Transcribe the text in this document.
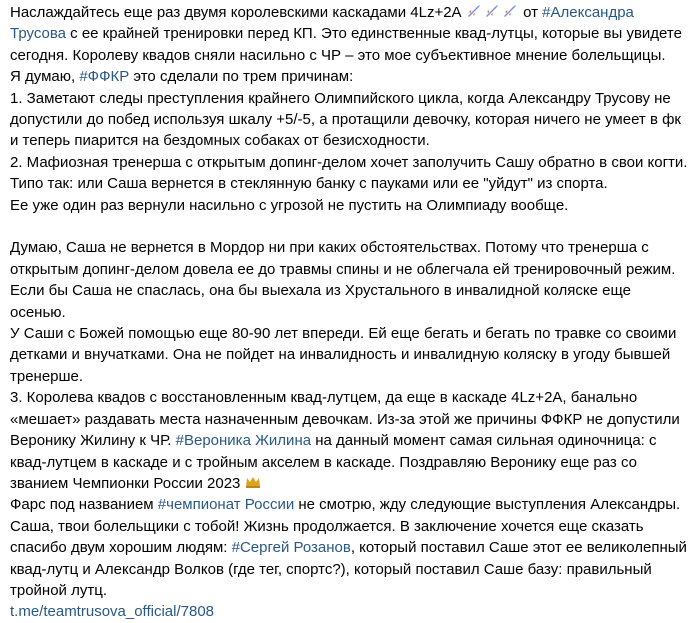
Наслаждайтесь еще раз двумя королевскими каскадами 4Lz+2A	от #Александра Трусова с ее крайней тренировки перед КП. Это единственные квад-лутцы, которые вы увидете сегодня. Королеву квадов сняли насильно с ЧР – это мое субъективное мнение болельщицы.

Я думаю, #ФФКР это сделали по трем причинам:

1. Заметают следы преступления крайнего Олимпийского цикла, когда Александру Трусову не допустили до побед используя шкалу +5/-5, а протащили девочку, которая ничего не умеет в фк и теперь пиарится на бездомных собаках от безисходности.

2. Мафиозная тренерша с открытым допинг-делом хочет заполучить Сашу обратно в свои когти.

Типо так: или Саша вернется в стеклянную банку с пауками или ее "уйдут" из спорта.

Ее уже один раз вернули насильно с угрозой не пустить на Олимпиаду вообще.

Думаю, Саша не вернется в Мордор ни при каких обстоятельствах. Потому что тренерша с открытым допинг-делом довела ее до травмы спины и не облегчала ей тренировочный режим. Если бы Саша не спаслась, она бы выехала из Хрустального в инвалидной коляске еще осенью.

У Саши с Божей помощью еще 80-90 лет впереди. Ей еще бегать и бегать по травке со своими детками и внучатками. Она не пойдет на инвалидность и инвалидную коляску в угоду бывшей тренерше.

3. Королева квадов с восстановленным квад-лутцем, да еще в каскаде 4Lz+2A, банально «мешает» раздавать места назначенным девочкам. Из-за этой же причины ФФКР не допустили Веронику Жилину к ЧР. #Вероника Жилина на данный момент самая сильная одиночница: с квад-лутцем в каскаде и с тройным акселем в каскаде. Поздравляю Веронику еще раз со званием Чемпионки России 2023

Фарс под названием #чемпионат России не смотрю, жду следующие выступления Александры. Саша, твои болельщики с тобой! Жизнь продолжается. В заключение хочется еще сказать спасибо двум хорошим людям: #Сергей Розанов, который поставил Саше этот ее великолепный квад-лутц и Александр Волков (где тег, спортс?), который поставил Саше базу: правильный тройной лутц.

t.me/teamtrusova_official/7808
